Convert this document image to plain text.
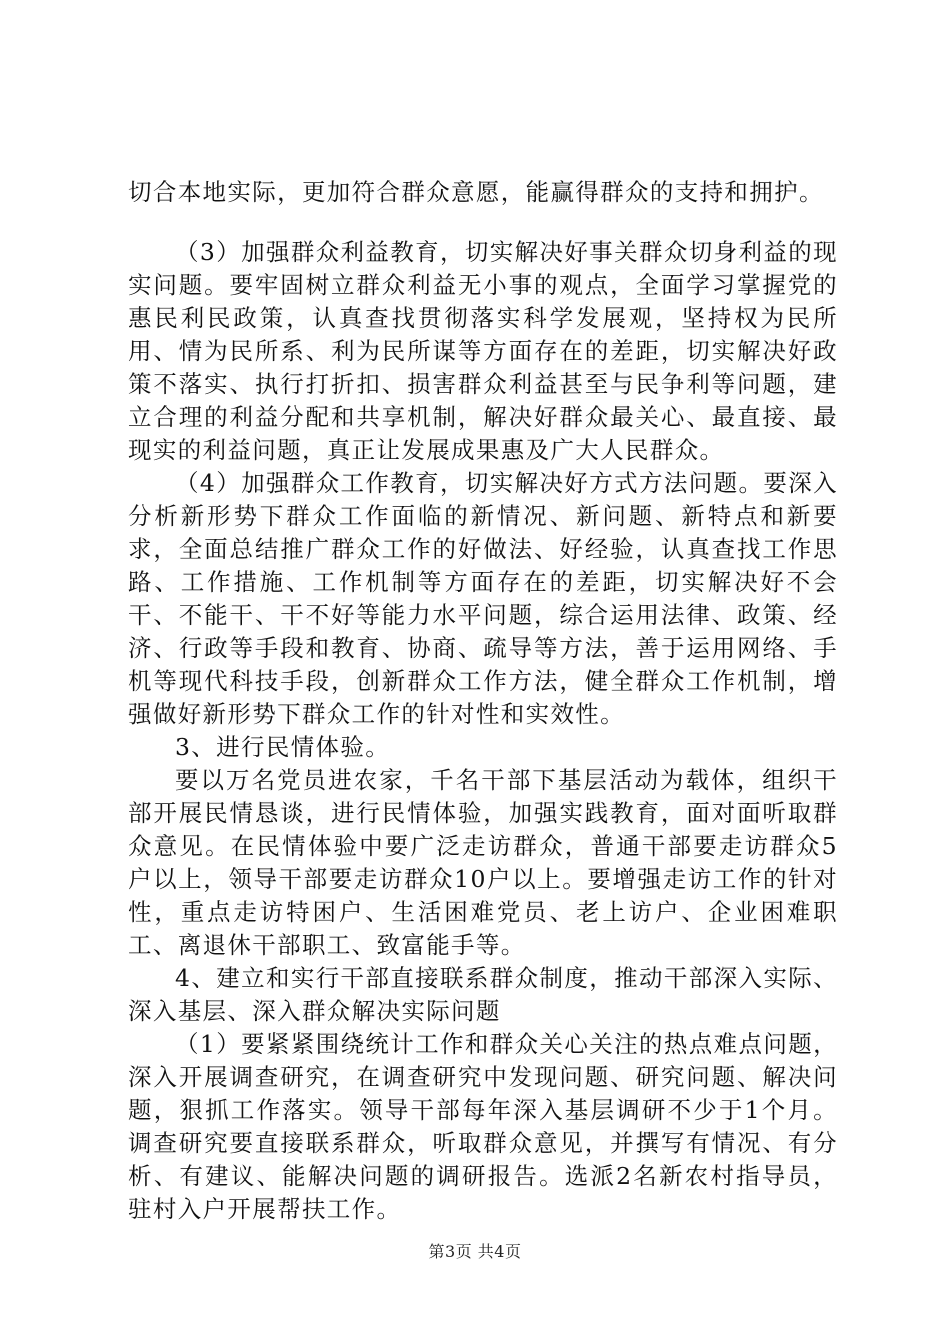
切合本地实际，更加符合群众意愿，能赢得群众的支持和拥护。

（3）加强群众利益教育，切实解决好事关群众切身利益的现实问题。要牢固树立群众利益无小事的观点，全面学习掌握党的惠民利民政策，认真查找贯彻落实科学发展观，坚持权为民所用、情为民所系、利为民所谋等方面存在的差距，切实解决好政策不落实、执行打折扣、损害群众利益甚至与民争利等问题，建立合理的利益分配和共享机制，解决好群众最关心、最直接、最现实的利益问题，真正让发展成果惠及广大人民群众。

（4）加强群众工作教育，切实解决好方式方法问题。要深入分析新形势下群众工作面临的新情况、新问题、新特点和新要求，全面总结推广群众工作的好做法、好经验，认真查找工作思路、工作措施、工作机制等方面存在的差距，切实解决好不会干、不能干、干不好等能力水平问题，综合运用法律、政策、经济、行政等手段和教育、协商、疏导等方法，善于运用网络、手机等现代科技手段，创新群众工作方法，健全群众工作机制，增强做好新形势下群众工作的针对性和实效性。

3、进行民情体验。

要以万名党员进农家，千名干部下基层活动为载体，组织干部开展民情恳谈，进行民情体验，加强实践教育，面对面听取群众意见。在民情体验中要广泛走访群众，普通干部要走访群众5户以上，领导干部要走访群众10户以上。要增强走访工作的针对性，重点走访特困户、生活困难党员、老上访户、企业困难职工、离退休干部职工、致富能手等。

4、建立和实行干部直接联系群众制度，推动干部深入实际、深入基层、深入群众解决实际问题

（1）要紧紧围绕统计工作和群众关心关注的热点难点问题，深入开展调查研究，在调查研究中发现问题、研究问题、解决问题，狠抓工作落实。领导干部每年深入基层调研不少于1个月。调查研究要直接联系群众，听取群众意见，并撰写有情况、有分析、有建议、能解决问题的调研报告。选派2名新农村指导员，驻村入户开展帮扶工作。

第3页 共4页
